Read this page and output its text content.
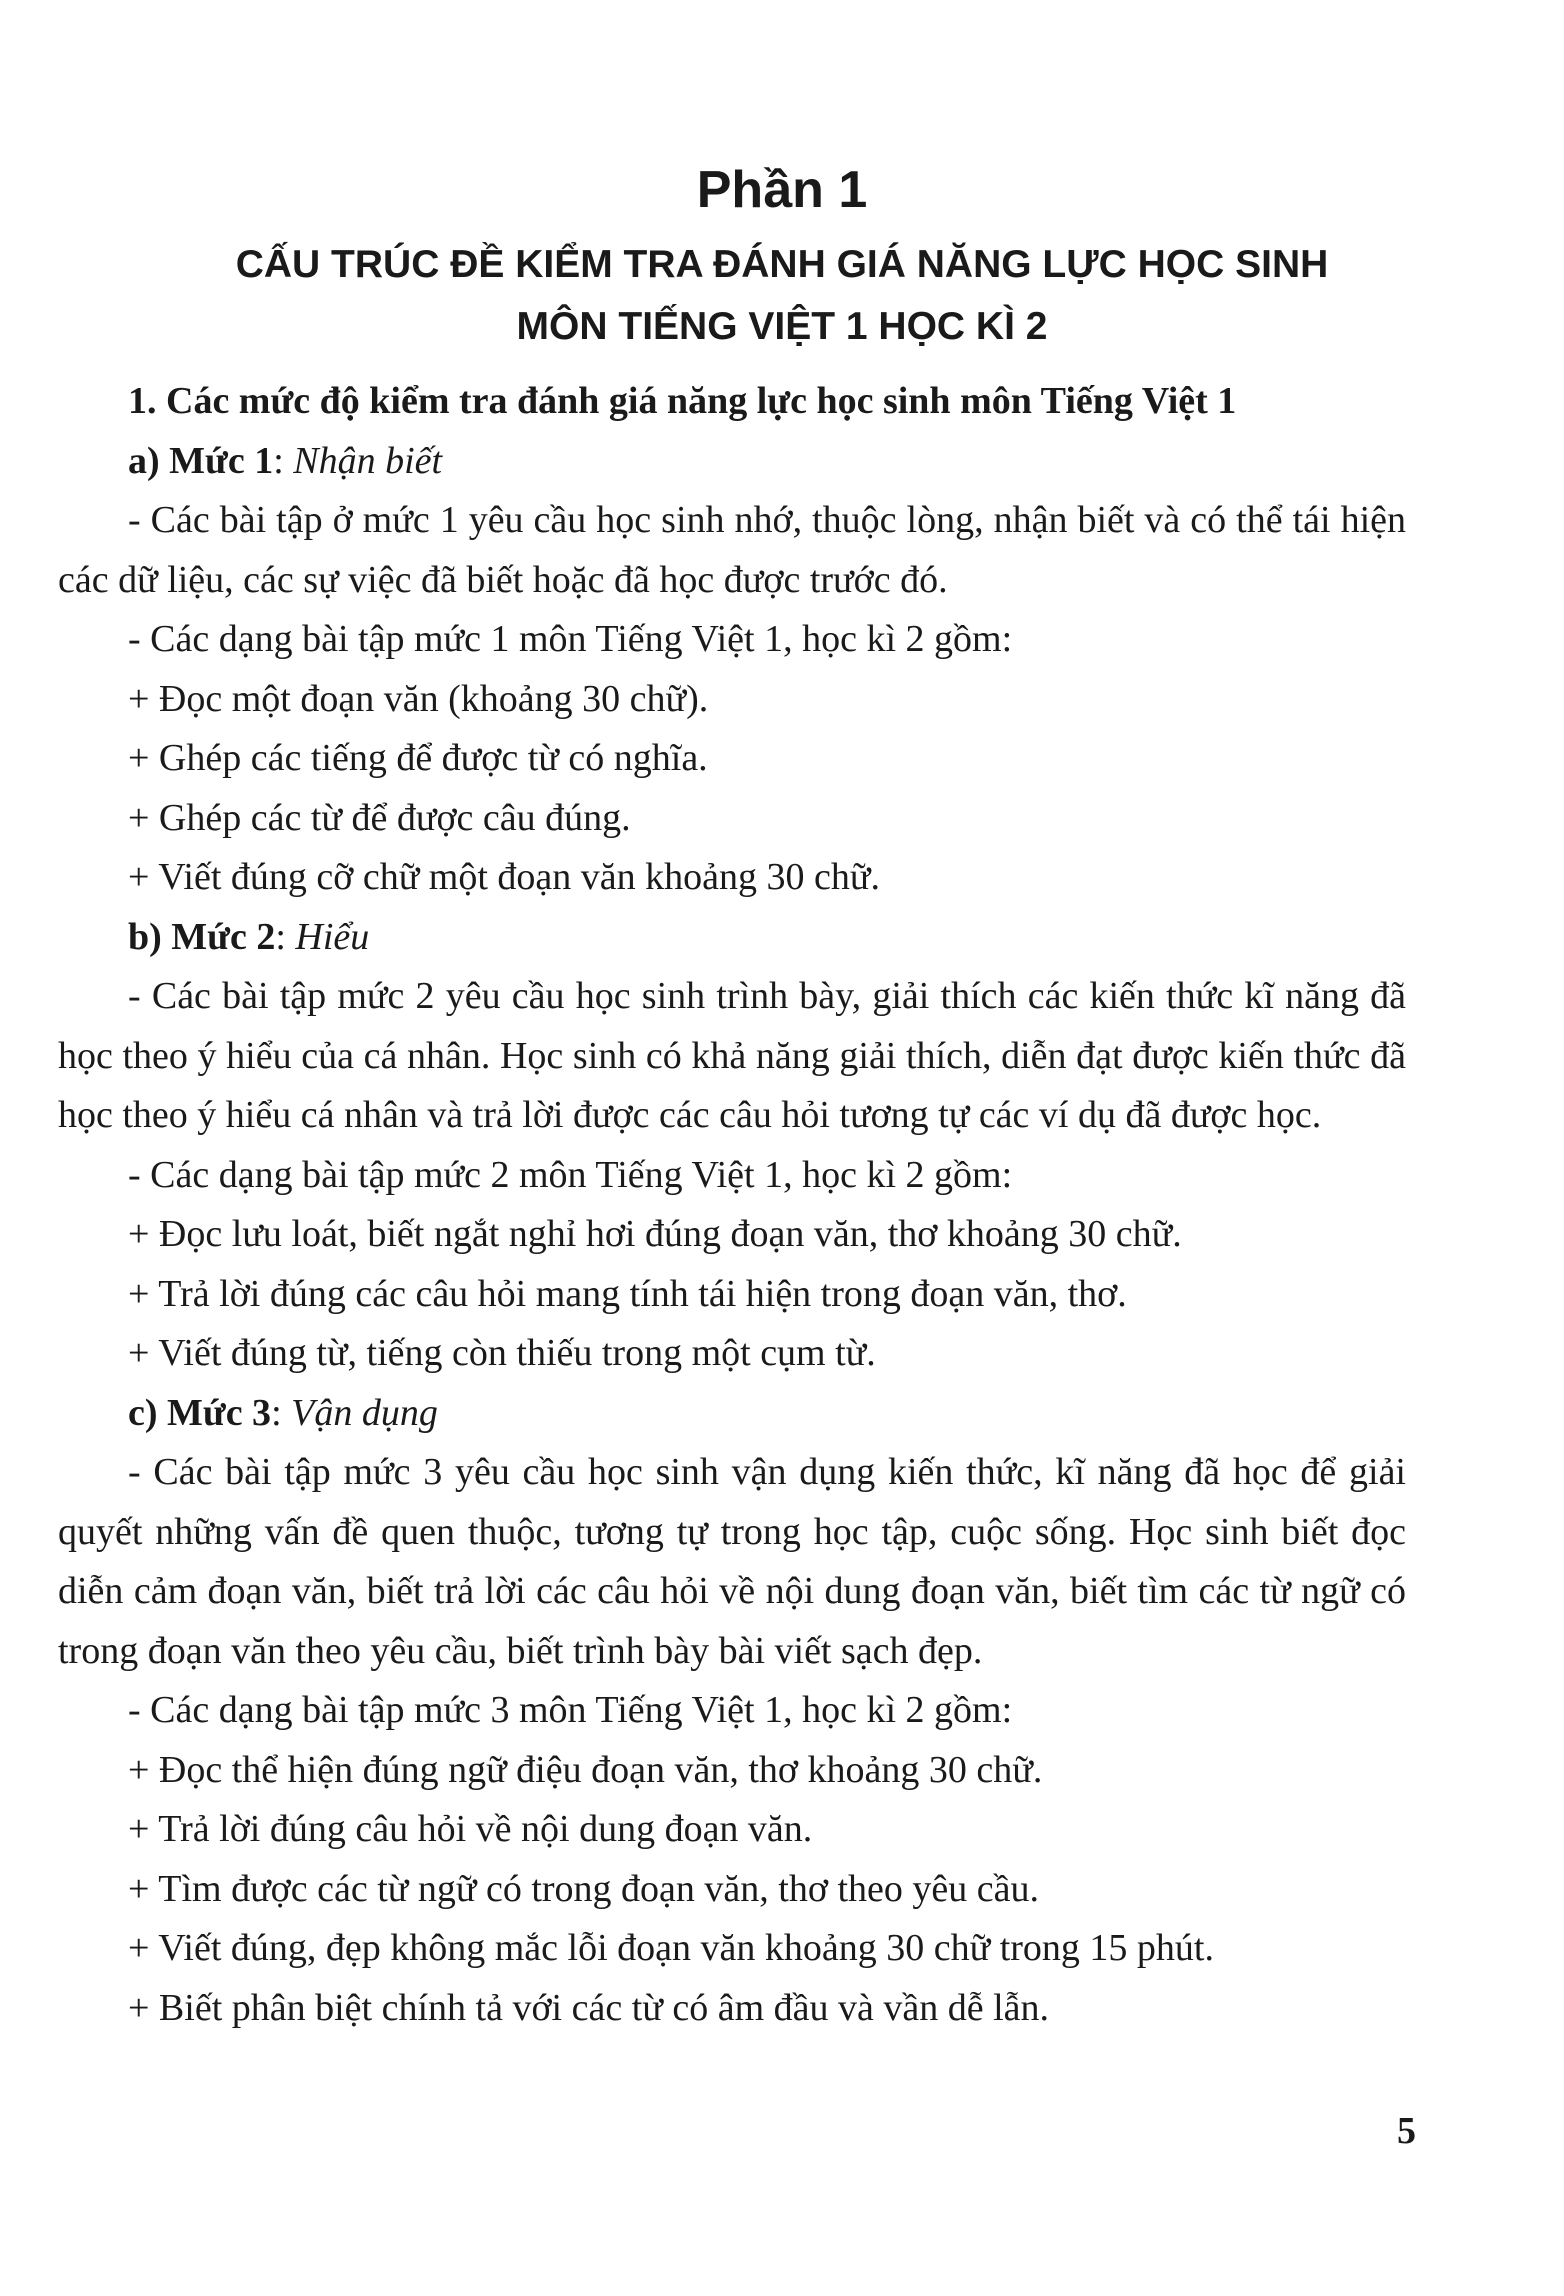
Phần 1
CẤU TRÚC ĐỀ KIỂM TRA ĐÁNH GIÁ NĂNG LỰC HỌC SINH
MÔN TIẾNG VIỆT 1 HỌC KÌ 2

1. Các mức độ kiểm tra đánh giá năng lực học sinh môn Tiếng Việt 1

a) Mức 1: Nhận biết

- Các bài tập ở mức 1 yêu cầu học sinh nhớ, thuộc lòng, nhận biết và có thể tái hiện các dữ liệu, các sự việc đã biết hoặc đã học được trước đó.

- Các dạng bài tập mức 1 môn Tiếng Việt 1, học kì 2 gồm:

+ Đọc một đoạn văn (khoảng 30 chữ).

+ Ghép các tiếng để được từ có nghĩa.

+ Ghép các từ để được câu đúng.

+ Viết đúng cỡ chữ một đoạn văn khoảng 30 chữ.

b) Mức 2: Hiểu

- Các bài tập mức 2 yêu cầu học sinh trình bày, giải thích các kiến thức kĩ năng đã học theo ý hiểu của cá nhân. Học sinh có khả năng giải thích, diễn đạt được kiến thức đã học theo ý hiểu cá nhân và trả lời được các câu hỏi tương tự các ví dụ đã được học.

- Các dạng bài tập mức 2 môn Tiếng Việt 1, học kì 2 gồm:

+ Đọc lưu loát, biết ngắt nghỉ hơi đúng đoạn văn, thơ khoảng 30 chữ.

+ Trả lời đúng các câu hỏi mang tính tái hiện trong đoạn văn, thơ.

+ Viết đúng từ, tiếng còn thiếu trong một cụm từ.

c) Mức 3: Vận dụng

- Các bài tập mức 3 yêu cầu học sinh vận dụng kiến thức, kĩ năng đã học để giải quyết những vấn đề quen thuộc, tương tự trong học tập, cuộc sống. Học sinh biết đọc diễn cảm đoạn văn, biết trả lời các câu hỏi về nội dung đoạn văn, biết tìm các từ ngữ có trong đoạn văn theo yêu cầu, biết trình bày bài viết sạch đẹp.

- Các dạng bài tập mức 3 môn Tiếng Việt 1, học kì 2 gồm:

+ Đọc thể hiện đúng ngữ điệu đoạn văn, thơ khoảng 30 chữ.

+ Trả lời đúng câu hỏi về nội dung đoạn văn.

+ Tìm được các từ ngữ có trong đoạn văn, thơ theo yêu cầu.

+ Viết đúng, đẹp không mắc lỗi đoạn văn khoảng 30 chữ trong 15 phút.

+ Biết phân biệt chính tả với các từ có âm đầu và vần dễ lẫn.

5
